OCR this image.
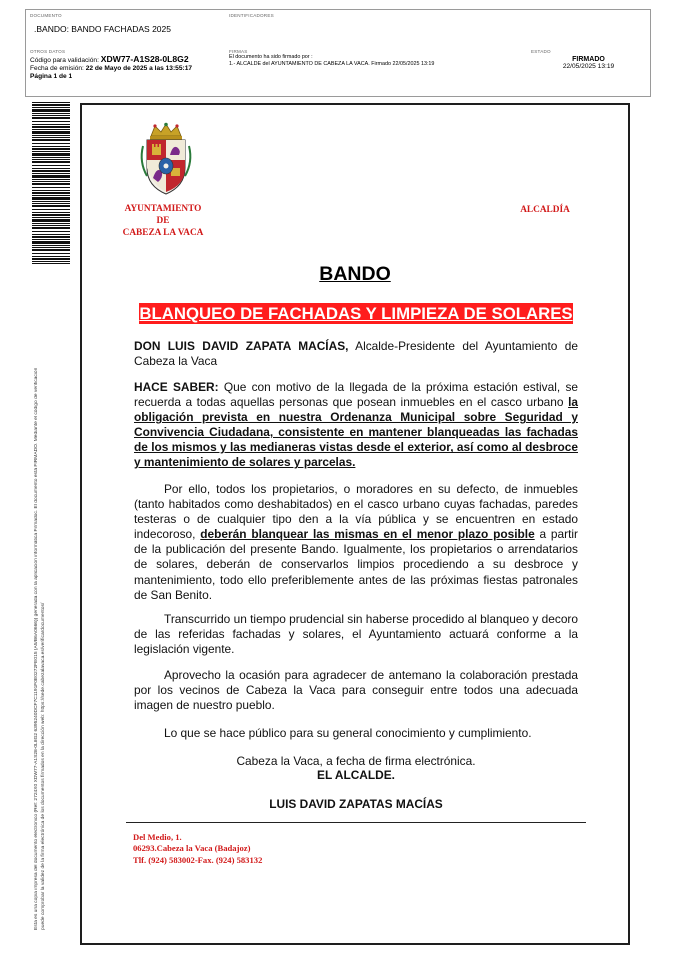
DOCUMENTO
.BANDO: BANDO FACHADAS 2025
IDENTIFICADORES
OTROS DATOS
Código para validación: XDW77-A1S28-0L8G2
Fecha de emisión: 22 de Mayo de 2025 a las 13:55:17
Página 1 de 1
FIRMAS
El documento ha sido firmado por :
1.- ALCALDE del AYUNTAMIENTO DE CABEZA LA VACA. Firmado 22/05/2025 13:19
ESTADO
FIRMADO
22/05/2025 13:19
Esta es una copia impresa del documento electrónico (Ref: 2724X0 XDW77-A1S28-0L8G2 6395240DCF7C1191F0E0272FE015 (A5/B6A0666)) generada con la aplicación informática Firmadoc. El documento está FIRMADO. Mediante el código de verificación puede comprobar la validez de la firma electrónica de los documentos firmados en la dirección web: https://sede.cabezalavaca.es/verificardocumentos/
AYUNTAMIENTO
DE
CABEZA LA VACA
ALCALDÍA
BANDO
BLANQUEO DE FACHADAS Y LIMPIEZA DE SOLARES
DON LUIS DAVID ZAPATA MACÍAS, Alcalde-Presidente del Ayuntamiento de Cabeza la Vaca
HACE SABER: Que con motivo de la llegada de la próxima estación estival, se recuerda a todas aquellas personas que posean inmuebles en el casco urbano la obligación prevista en nuestra Ordenanza Municipal sobre Seguridad y Convivencia Ciudadana, consistente en mantener blanqueadas las fachadas de los mismos y las medianeras vistas desde el exterior, así como al desbroce y mantenimiento de solares y parcelas.
Por ello, todos los propietarios, o moradores en su defecto, de inmuebles (tanto habitados como deshabitados) en el casco urbano cuyas fachadas, paredes testeras o de cualquier tipo den a la vía pública y se encuentren en estado indecoroso, deberán blanquear las mismas en el menor plazo posible a partir de la publicación del presente Bando. Igualmente, los propietarios o arrendatarios de solares, deberán de conservarlos limpios procediendo a su desbroce y mantenimiento, todo ello preferiblemente antes de las próximas fiestas patronales de San Benito.
Transcurrido un tiempo prudencial sin haberse procedido al blanqueo y decoro de las referidas fachadas y solares, el Ayuntamiento actuará conforme a la legislación vigente.
Aprovecho la ocasión para agradecer de antemano la colaboración prestada por los vecinos de Cabeza la Vaca para conseguir entre todos una adecuada imagen de nuestro pueblo.
Lo que se hace público para su general conocimiento y cumplimiento.
Cabeza la Vaca, a fecha de firma electrónica.
EL ALCALDE.
LUIS DAVID ZAPATAS MACÍAS
Del Medio, 1.
06293.Cabeza la Vaca (Badajoz)
Tlf. (924) 583002-Fax. (924) 583132
